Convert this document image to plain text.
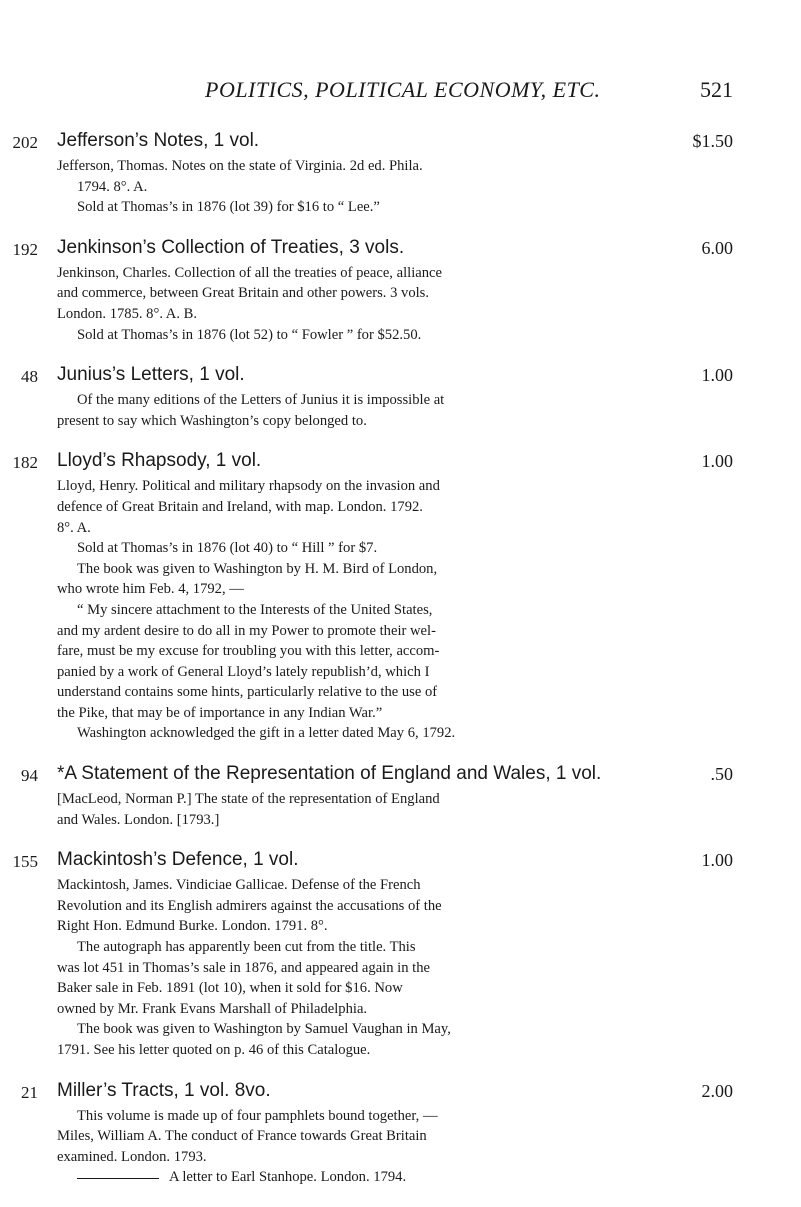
POLITICS, POLITICAL ECONOMY, ETC.	521
202 Jefferson’s Notes, 1 vol.	$1.50

Jefferson, Thomas. Notes on the state of Virginia. 2d ed. Phila.

1794. 8°. A.

Sold at Thomas’s in 1876 (lot 39) for $16 to “ Lee.”

192 Jenkinson’s Collection of Treaties, 3 vols.	6.00

Jenkinson, Charles. Collection of all the treaties of peace, alliance

and commerce, between Great Britain and other powers. 3 vols.

London. 1785. 8°. A. B.

Sold at Thomas’s in 1876 (lot 52) to “ Fowler ” for $52.50.

48 Junius’s Letters, 1 vol.	1.00

Of the many editions of the Letters of Junius it is impossible at

present to say which Washington’s copy belonged to.

182 Lloyd’s Rhapsody, 1 vol.	1.00

Lloyd, Henry. Political and military rhapsody on the invasion and

defence of Great Britain and Ireland, with map. London. 1792.

8°. A.

Sold at Thomas’s in 1876 (lot 40) to “ Hill ” for $7.

The book was given to Washington by H. M. Bird of London,

who wrote him Feb. 4, 1792, —

“ My sincere attachment to the Interests of the United States,

and my ardent desire to do all in my Power to promote their wel-

fare, must be my excuse for troubling you with this letter, accom-

panied by a work of General Lloyd’s lately republish’d, which I

understand contains some hints, particularly relative to the use of

the Pike, that may be of importance in any Indian War.”

Washington acknowledged the gift in a letter dated May 6, 1792.

94 *A Statement of the Representation of England and Wales, 1 vol.	.50

[MacLeod, Norman P.] The state of the representation of England

and Wales. London. [1793.]

155 Mackintosh’s Defence, 1 vol.	1.00

Mackintosh, James. Vindiciae Gallicae. Defense of the French

Revolution and its English admirers against the accusations of the

Right Hon. Edmund Burke. London. 1791. 8°.

The autograph has apparently been cut from the title. This

was lot 451 in Thomas’s sale in 1876, and appeared again in the

Baker sale in Feb. 1891 (lot 10), when it sold for $16. Now

owned by Mr. Frank Evans Marshall of Philadelphia.

The book was given to Washington by Samuel Vaughan in May,

1791. See his letter quoted on p. 46 of this Catalogue.

21 Miller’s Tracts, 1 vol. 8vo.	2.00

This volume is made up of four pamphlets bound together, —

Miles, William A. The conduct of France towards Great Britain

examined. London. 1793.

A letter to Earl Stanhope. London. 1794.
